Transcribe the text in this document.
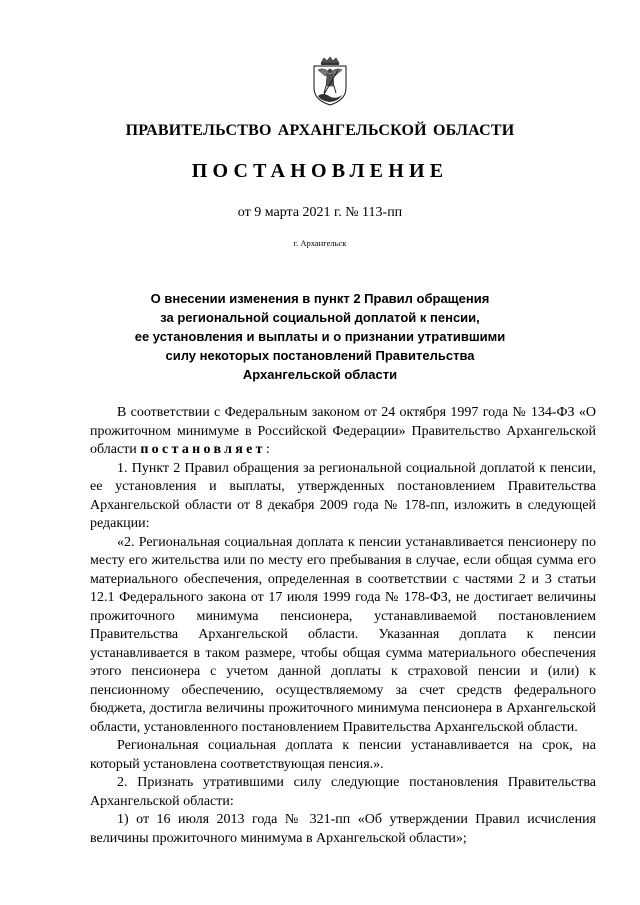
ПРАВИТЕЛЬСТВО АРХАНГЕЛЬСКОЙ ОБЛАСТИ
ПОСТАНОВЛЕНИЕ
от 9 марта 2021 г. № 113-пп
г. Архангельск
О внесении изменения в пункт 2 Правил обращения
за региональной социальной доплатой к пенсии,
ее установления и выплаты и о признании утратившими
силу некоторых постановлений Правительства
Архангельской области

В соответствии с Федеральным законом от 24 октября 1997 года № 134-ФЗ «О прожиточном минимуме в Российской Федерации» Правительство Архангельской области постановляет:

1. Пункт 2 Правил обращения за региональной социальной доплатой к пенсии, ее установления и выплаты, утвержденных постановлением Правительства Архангельской области от 8 декабря 2009 года № 178-пп, изложить в следующей редакции:

«2. Региональная социальная доплата к пенсии устанавливается пенсионеру по месту его жительства или по месту его пребывания в случае, если общая сумма его материального обеспечения, определенная в соответствии с частями 2 и 3 статьи 12.1 Федерального закона от 17 июля 1999 года № 178-ФЗ, не достигает величины прожиточного минимума пенсионера, устанавливаемой постановлением Правительства Архангельской области. Указанная доплата к пенсии устанавливается в таком размере, чтобы общая сумма материального обеспечения этого пенсионера с учетом данной доплаты к страховой пенсии и (или) к пенсионному обеспечению, осуществляемому за счет средств федерального бюджета, достигла величины прожиточного минимума пенсионера в Архангельской области, установленного постановлением Правительства Архангельской области.

Региональная социальная доплата к пенсии устанавливается на срок, на который установлена соответствующая пенсия.».

2. Признать утратившими силу следующие постановления Правительства Архангельской области:

1) от 16 июля 2013 года № 321-пп «Об утверждении Правил исчисления величины прожиточного минимума в Архангельской области»;
